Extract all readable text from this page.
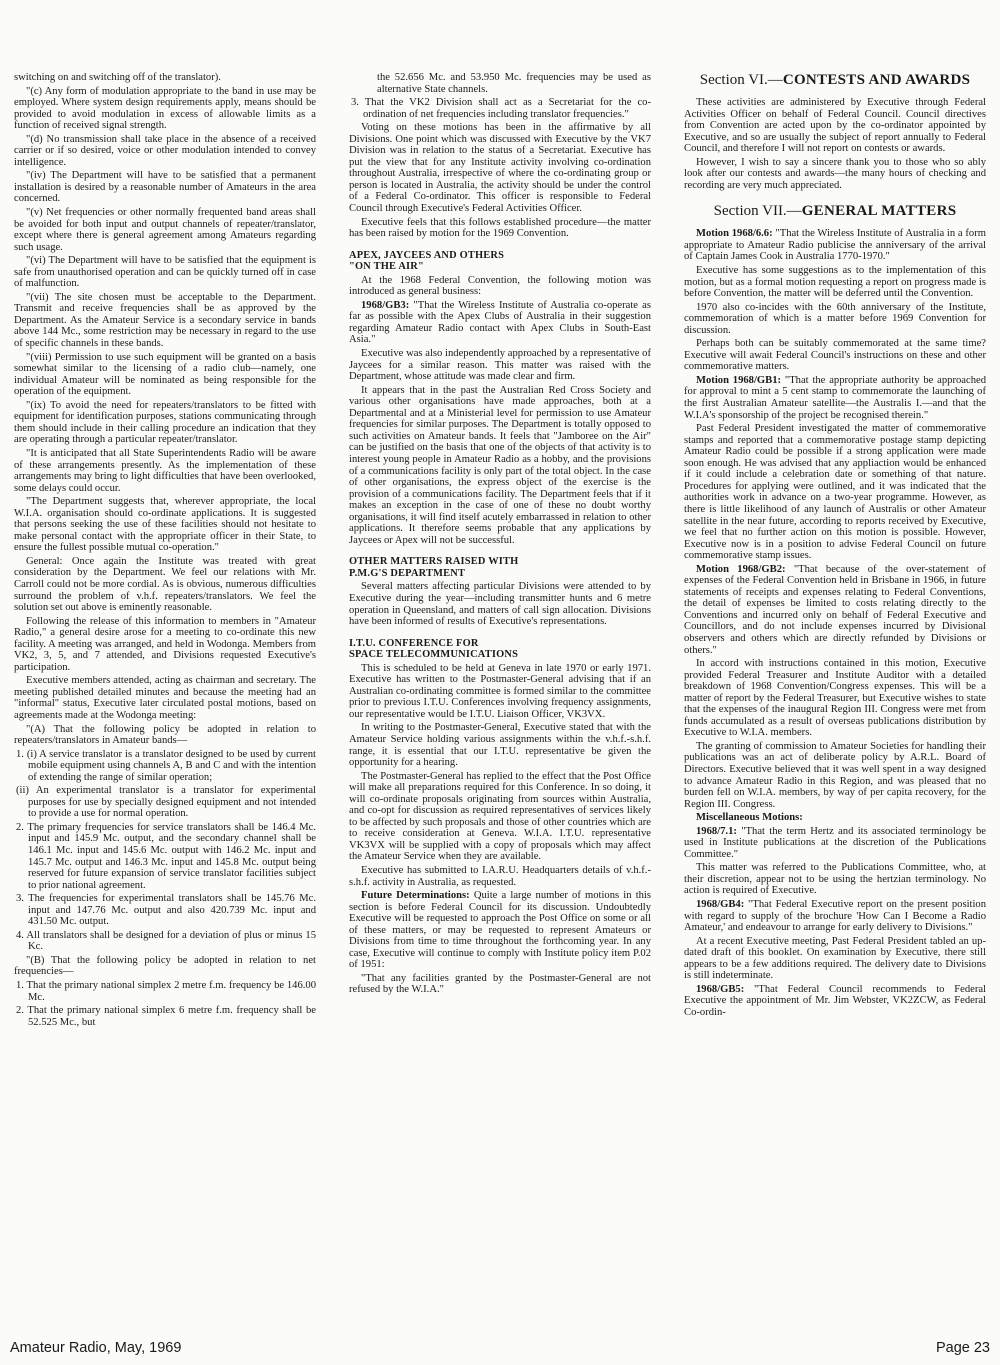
switching on and switching off of the translator).

"(c) Any form of modulation appropriate to the band in use may be employed. Where system design requirements apply, means should be provided to avoid modulation in excess of allowable limits as a function of received signal strength.

"(d) No transmission shall take place in the absence of a received carrier or if so desired, voice or other modulation intended to convey intelligence.

"(iv) The Department will have to be satisfied that a permanent installation is desired by a reasonable number of Amateurs in the area concerned.

"(v) Net frequencies or other normally frequented band areas shall be avoided for both input and output channels of repeater/translator, except where there is general agreement among Amateurs regarding such usage.

"(vi) The Department will have to be satisfied that the equipment is safe from unauthorised operation and can be quickly turned off in case of malfunction.

"(vii) The site chosen must be acceptable to the Department. Transmit and receive frequencies shall be as approved by the Department. As the Amateur Service is a secondary service in bands above 144 Mc., some restriction may be necessary in regard to the use of specific channels in these bands.

"(viii) Permission to use such equipment will be granted on a basis somewhat similar to the licensing of a radio club—namely, one individual Amateur will be nominated as being responsible for the operation of the equipment.

"(ix) To avoid the need for repeaters/translators to be fitted with equipment for identification purposes, stations communicating through them should include in their calling procedure an indication that they are operating through a particular repeater/translator.

"It is anticipated that all State Superintendents Radio will be aware of these arrangements presently. As the implementation of these arrangements may bring to light difficulties that have been overlooked, some delays could occur.

"The Department suggests that, wherever appropriate, the local W.I.A. organisation should co-ordinate applications. It is suggested that persons seeking the use of these facilities should not hesitate to make personal contact with the appropriate officer in their State, to ensure the fullest possible mutual co-operation."

General: Once again the Institute was treated with great consideration by the Department. We feel our relations with Mr. Carroll could not be more cordial. As is obvious, numerous difficulties surround the problem of v.h.f. repeaters/translators. We feel the solution set out above is eminently reasonable.

Following the release of this information to members in "Amateur Radio," a general desire arose for a meeting to co-ordinate this new facility. A meeting was arranged, and held in Wodonga. Members from VK2, 3, 5, and 7 attended, and Divisions requested Executive's participation.

Executive members attended, acting as chairman and secretary. The meeting published detailed minutes and because the meeting had an "informal" status, Executive later circulated postal motions, based on agreements made at the Wodonga meeting:

"(A) That the following policy be adopted in relation to repeaters/translators in Amateur bands—

1. (i) A service translator is a translator designed to be used by current mobile equipment using channels A, B and C and with the intention of extending the range of similar operation;

(ii) An experimental translator is a translator for experimental purposes for use by specially designed equipment and not intended to provide a use for normal operation.

2. The primary frequencies for service translators shall be 146.4 Mc. input and 145.9 Mc. output, and the secondary channel shall be 146.1 Mc. input and 145.6 Mc. output with 146.2 Mc. input and 145.7 Mc. output and 146.3 Mc. input and 145.8 Mc. output being reserved for future expansion of service translator facilities subject to prior national agreement.

3. The frequencies for experimental translators shall be 145.76 Mc. input and 147.76 Mc. output and also 420.739 Mc. input and 431.50 Mc. output.

4. All translators shall be designed for a deviation of plus or minus 15 Kc.

"(B) That the following policy be adopted in relation to net frequencies—

1. That the primary national simplex 2 metre f.m. frequency be 146.00 Mc.

2. That the primary national simplex 6 metre f.m. frequency shall be 52.525 Mc., but

the 52.656 Mc. and 53.950 Mc. frequencies may be used as alternative State channels.

3. That the VK2 Division shall act as a Secretariat for the co-ordination of net frequencies including translator frequencies."

Voting on these motions has been in the affirmative by all Divisions. One point which was discussed with Executive by the VK7 Division was in relation to the status of a Secretariat. Executive has put the view that for any Institute activity involving co-ordination throughout Australia, irrespective of where the co-ordinating group or person is located in Australia, the activity should be under the control of a Federal Co-ordinator. This officer is responsible to Federal Council through Executive's Federal Activities Officer.

Executive feels that this follows established procedure—the matter has been raised by motion for the 1969 Convention.

APEX, JAYCEES AND OTHERS
"ON THE AIR"

At the 1968 Federal Convention, the following motion was introduced as general business:

1968/GB3: "That the Wireless Institute of Australia co-operate as far as possible with the Apex Clubs of Australia in their suggestion regarding Amateur Radio contact with Apex Clubs in South-East Asia."

Executive was also independently approached by a representative of Jaycees for a similar reason. This matter was raised with the Department, whose attitude was made clear and firm.

It appears that in the past the Australian Red Cross Society and various other organisations have made approaches, both at a Departmental and at a Ministerial level for permission to use Amateur frequencies for similar purposes. The Department is totally opposed to such activities on Amateur bands. It feels that "Jamboree on the Air" can be justified on the basis that one of the objects of that activity is to interest young people in Amateur Radio as a hobby, and the provisions of a communications facility is only part of the total object. In the case of other organisations, the express object of the exercise is the provision of a communications facility. The Department feels that if it makes an exception in the case of one of these no doubt worthy organisations, it will find itself acutely embarrassed in relation to other applications. It therefore seems probable that any applications by Jaycees or Apex will not be successful.

OTHER MATTERS RAISED WITH
P.M.G'S DEPARTMENT

Several matters affecting particular Divisions were attended to by Executive during the year—including transmitter hunts and 6 metre operation in Queensland, and matters of call sign allocation. Divisions have been informed of results of Executive's representations.

I.T.U. CONFERENCE FOR
SPACE TELECOMMUNICATIONS

This is scheduled to be held at Geneva in late 1970 or early 1971. Executive has written to the Postmaster-General advising that if an Australian co-ordinating committee is formed similar to the committee prior to previous I.T.U. Conferences involving frequency assignments, our representative would be I.T.U. Liaison Officer, VK3VX.

In writing to the Postmaster-General, Executive stated that with the Amateur Service holding various assignments within the v.h.f.-s.h.f. range, it is essential that our I.T.U. representative be given the opportunity for a hearing.

The Postmaster-General has replied to the effect that the Post Office will make all preparations required for this Conference. In so doing, it will co-ordinate proposals originating from sources within Australia, and co-opt for discussion as required representatives of services likely to be affected by such proposals and those of other countries which are to receive consideration at Geneva. W.I.A. I.T.U. representative VK3VX will be supplied with a copy of proposals which may affect the Amateur Service when they are available.

Executive has submitted to I.A.R.U. Headquarters details of v.h.f.-s.h.f. activity in Australia, as requested.

Future Determinations: Quite a large number of motions in this section is before Federal Council for its discussion. Undoubtedly Executive will be requested to approach the Post Office on some or all of these matters, or may be requested to represent Amateurs or Divisions from time to time throughout the forthcoming year. In any case, Executive will continue to comply with Institute policy item P.02 of 1951:

"That any facilities granted by the Postmaster-General are not refused by the W.I.A."

Section VI.—CONTESTS AND AWARDS

These activities are administered by Executive through Federal Activities Officer on behalf of Federal Council. Council directives from Convention are acted upon by the co-ordinator appointed by Executive, and so are usually the subject of report annually to Federal Council, and therefore I will not report on contests or awards.

However, I wish to say a sincere thank you to those who so ably look after our contests and awards—the many hours of checking and recording are very much appreciated.

Section VII.—GENERAL MATTERS

Motion 1968/6.6: "That the Wireless Institute of Australia in a form appropriate to Amateur Radio publicise the anniversary of the arrival of Captain James Cook in Australia 1770-1970."

Executive has some suggestions as to the implementation of this motion, but as a formal motion requesting a report on progress made is before Convention, the matter will be deferred until the Convention.

1970 also co-incides with the 60th anniversary of the Institute, commemoration of which is a matter before 1969 Convention for discussion.

Perhaps both can be suitably commemorated at the same time? Executive will await Federal Council's instructions on these and other commemorative matters.

Motion 1968/GB1: "That the appropriate authority be approached for approval to mint a 5 cent stamp to commemorate the launching of the first Australian Amateur satellite—the Australis I.—and that the W.I.A's sponsorship of the project be recognised therein."

Past Federal President investigated the matter of commemorative stamps and reported that a commemorative postage stamp depicting Amateur Radio could be possible if a strong application were made soon enough. He was advised that any appliaction would be enhanced if it could include a celebration date or something of that nature. Procedures for applying were outlined, and it was indicated that the authorities work in advance on a two-year programme. However, as there is little likelihood of any launch of Australis or other Amateur satellite in the near future, according to reports received by Executive, we feel that no further action on this motion is possible. However, Executive now is in a position to advise Federal Council on future commemorative stamp issues.

Motion 1968/GB2: "That because of the over-statement of expenses of the Federal Convention held in Brisbane in 1966, in future statements of receipts and expenses relating to Federal Conventions, the detail of expenses be limited to costs relating directly to the Conventions and incurred only on behalf of Federal Executive and Councillors, and do not include expenses incurred by Divisional observers and others which are directly refunded by Divisions or others."

In accord with instructions contained in this motion, Executive provided Federal Treasurer and Institute Auditor with a detailed breakdown of 1968 Convention/Congress expenses. This will be a matter of report by the Federal Treasurer, but Executive wishes to state that the expenses of the inaugural Region III. Congress were met from funds accumulated as a result of overseas publications distribution by Executive to W.I.A. members.

The granting of commission to Amateur Societies for handling their publications was an act of deliberate policy by A.R.L. Board of Directors. Executive believed that it was well spent in a way designed to advance Amateur Radio in this Region, and was pleased that no burden fell on W.I.A. members, by way of per capita recovery, for the Region III. Congress.

Miscellaneous Motions:

1968/7.1: "That the term Hertz and its associated terminology be used in Institute publications at the discretion of the Publications Committee."

This matter was referred to the Publications Committee, who, at their discretion, appear not to be using the hertzian terminology. No action is required of Executive.

1968/GB4: "That Federal Executive report on the present position with regard to supply of the brochure 'How Can I Become a Radio Amateur,' and endeavour to arrange for early delivery to Divisions."

At a recent Executive meeting, Past Federal President tabled an up-dated draft of this booklet. On examination by Executive, there still appears to be a few additions required. The delivery date to Divisions is still indeterminate.

1968/GB5: "That Federal Council recommends to Federal Executive the appointment of Mr. Jim Webster, VK2ZCW, as Federal Co-ordin-

Amateur Radio, May, 1969	Page 23
